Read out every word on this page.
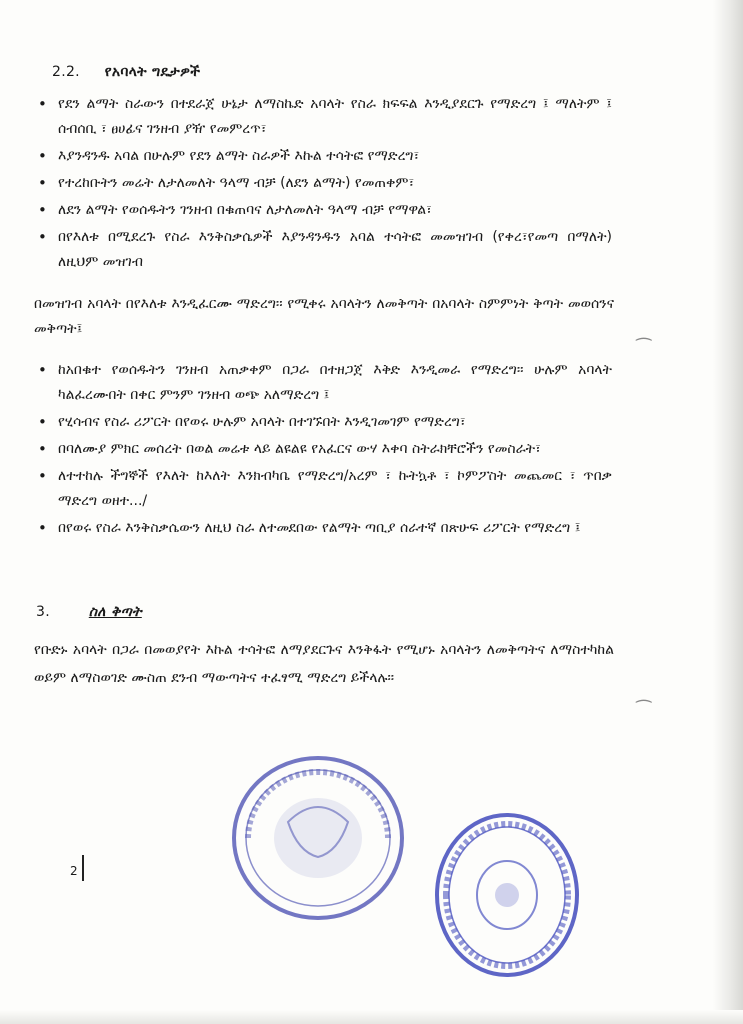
2.2. የአባላት ግዴታዎች
• የደን ልማት ስራውን በተደራጀ ሁኔታ ለማስኬድ አባላት የስራ ክፍፍል እንዲያደርጉ የማድረግ ፤ ማለትም ፤ ሰብሰቢ ፣ ፀሀፊና ገንዘብ ያዥ የመምረጥ፣
• እያንዳንዱ አባል በሁሉም የደን ልማት ስራዎች እኩል ተሳትፎ የማድረግ፣
• የተረከቡትን መሬት ለታለመለት ዓላማ ብቻ (ለደን ልማት) የመጠቀም፣
• ለደን ልማት የወሰዱትን ገንዘብ በቁጠባና ለታለመለት ዓላማ ብቻ የማዋል፣
• በየእለቱ በሚደረጉ የስራ እንቅስቃሴዎች እያንዳንዱን አባል ተሳትፎ መመዝገብ (የቀረ፣የመጣ በማለት) ለዚህም መዝገብ
በመዝገብ አባላት በየእለቱ እንዲፈርሙ ማድረግ፡፡ የሚቀሩ አባላትን ለመቅጣት በአባላት ስምምነት ቅጣት መወሰንና መቅጣት፤
• ከአበቁተ የወሰዱትን ገንዘብ አጠቃቀም በጋራ በተዘጋጀ እቅድ እንዲመራ የማድረግ፡፡ ሁሉም አባላት ካልፈረሙበት በቀር ምንም ገንዘብ ወጭ አለማድረግ ፤
• የሂሳብና የስራ ሪፖርት በየወሩ ሁሉም አባላት በተገኙበት እንዲገመገም የማድረግ፣
• በባለሙያ ምክር መሰረት በወል መሬቱ ላይ ልዩልዩ የአፈርና ውሃ እቀባ ስትራክቸሮችን የመስራት፣
• ለተተከሉ ችግኞች የእለት ከእለት እንክብካቤ የማድረግ/አረም ፣ ኩትኳቶ ፣ ኮምፖስት መጨመር ፣ ጥበቃ ማድረግ ወዘተ.../
• በየወሩ የስራ እንቅስቃሴውን ለዚህ ስራ ለተመደበው የልማት ጣቢያ ሰራተኛ በጽሁፍ ሪፖርት የማድረግ ፤
3.	ስለ ቅጣት
የቡድኑ አባላት በጋራ በመወያየት እኩል ተሳትፎ ለማያደርጉና እንቅፋት የሚሆኑ አባላትን ለመቅጣትና ለማስተካከል ወይም ለማስወገድ ሙስጠ ደንብ ማውጣትና ተፈፃሚ ማድረግ ይችላሉ፡፡
⁀
⁀
2
